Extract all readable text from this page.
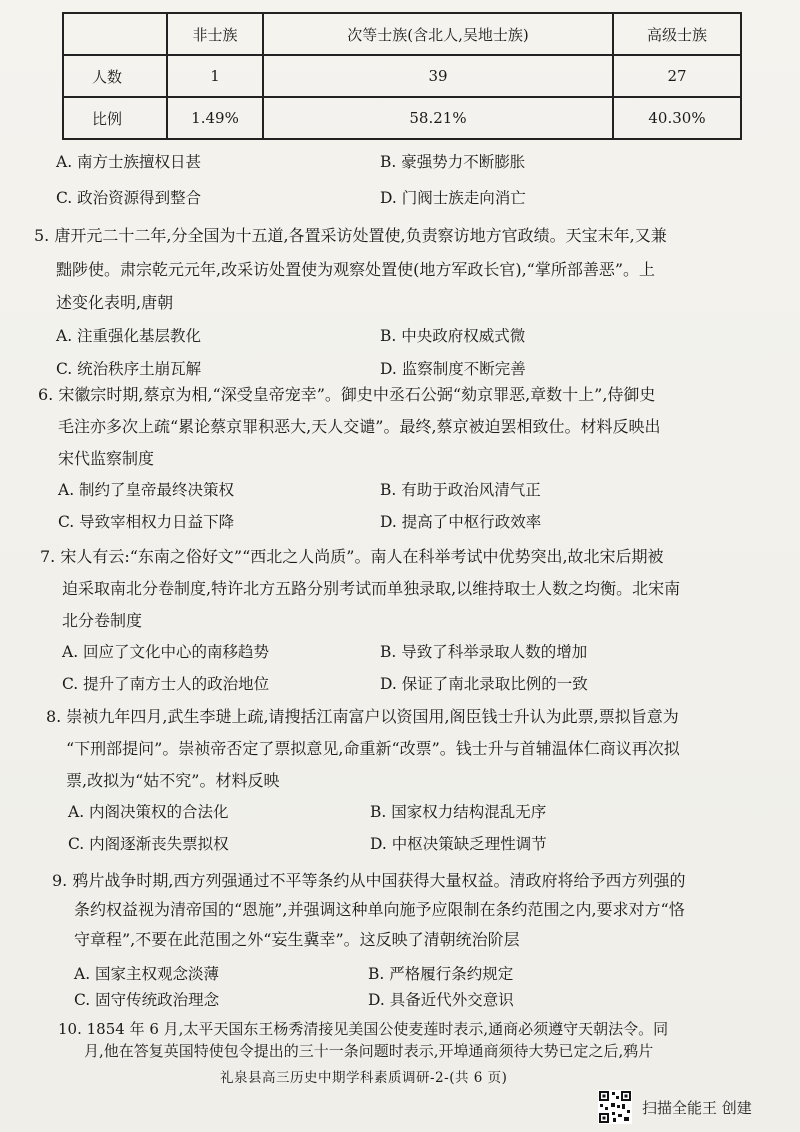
	非士族	次等士族(含北人,吴地士族)	高级士族
人数	1	39	27
比例	1.49%	58.21%	40.30%
A. 南方士族擅权日甚	B. 豪强势力不断膨胀
C. 政治资源得到整合	D. 门阀士族走向消亡
5. 唐开元二十二年,分全国为十五道,各置采访处置使,负责察访地方官政绩。天宝末年,又兼
黜陟使。肃宗乾元元年,改采访处置使为观察处置使(地方军政长官),“掌所部善恶”。上
述变化表明,唐朝
A. 注重强化基层教化	B. 中央政府权威式微
C. 统治秩序土崩瓦解	D. 监察制度不断完善
6. 宋徽宗时期,蔡京为相,“深受皇帝宠幸”。御史中丞石公弼“劾京罪恶,章数十上”,侍御史
毛注亦多次上疏“累论蔡京罪积恶大,天人交谴”。最终,蔡京被迫罢相致仕。材料反映出
宋代监察制度
A. 制约了皇帝最终决策权	B. 有助于政治风清气正
C. 导致宰相权力日益下降	D. 提高了中枢行政效率
7. 宋人有云:“东南之俗好文”“西北之人尚质”。南人在科举考试中优势突出,故北宋后期被
迫采取南北分卷制度,特许北方五路分别考试而单独录取,以维持取士人数之均衡。北宋南
北分卷制度
A. 回应了文化中心的南移趋势	B. 导致了科举录取人数的增加
C. 提升了南方士人的政治地位	D. 保证了南北录取比例的一致
8. 崇祯九年四月,武生李琎上疏,请搜括江南富户以资国用,阁臣钱士升认为此票,票拟旨意为
“下刑部提问”。崇祯帝否定了票拟意见,命重新“改票”。钱士升与首辅温体仁商议再次拟
票,改拟为“姑不究”。材料反映
A. 内阁决策权的合法化	B. 国家权力结构混乱无序
C. 内阁逐渐丧失票拟权	D. 中枢决策缺乏理性调节
9. 鸦片战争时期,西方列强通过不平等条约从中国获得大量权益。清政府将给予西方列强的
条约权益视为清帝国的“恩施”,并强调这种单向施予应限制在条约范围之内,要求对方“恪
守章程”,不要在此范围之外“妄生冀幸”。这反映了清朝统治阶层
A. 国家主权观念淡薄	B. 严格履行条约规定
C. 固守传统政治理念	D. 具备近代外交意识
礼泉县高三历史中期学科素质调研-2-(共 6 页)
扫描全能王 创建
10. 1854 年 6 月,太平天国东王杨秀清接见美国公使麦莲时表示,通商必须遵守天朝法令。同
月,他在答复英国特使包令提出的三十一条问题时表示,开埠通商须待大势已定之后,鸦片
